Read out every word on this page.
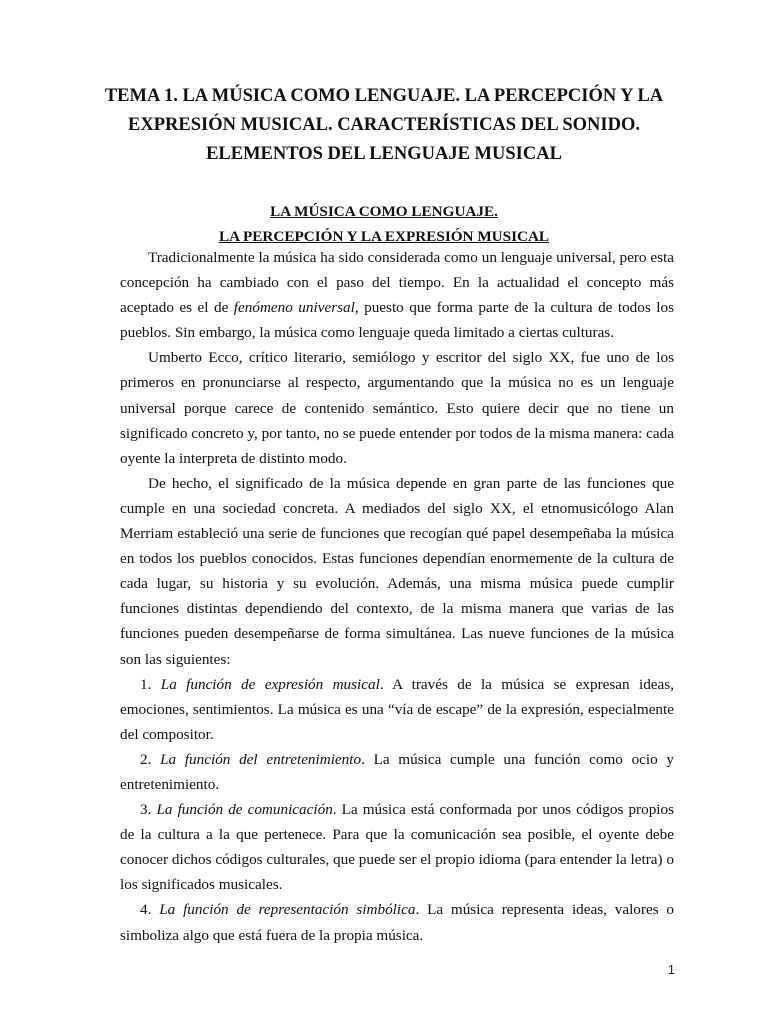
TEMA 1. LA MÚSICA COMO LENGUAJE. LA PERCEPCIÓN Y LA
EXPRESIÓN MUSICAL. CARACTERÍSTICAS DEL SONIDO.
ELEMENTOS DEL LENGUAJE MUSICAL
LA MÚSICA COMO LENGUAJE.
LA PERCEPCIÓN Y LA EXPRESIÓN MUSICAL

Tradicionalmente la música ha sido considerada como un lenguaje universal, pero esta concepción ha cambiado con el paso del tiempo. En la actualidad el concepto más aceptado es el de fenómeno universal, puesto que forma parte de la cultura de todos los pueblos. Sin embargo, la música como lenguaje queda limitado a ciertas culturas.

Umberto Ecco, crítico literario, semiólogo y escritor del siglo XX, fue uno de los primeros en pronunciarse al respecto, argumentando que la música no es un lenguaje universal porque carece de contenido semántico. Esto quiere decir que no tiene un significado concreto y, por tanto, no se puede entender por todos de la misma manera: cada oyente la interpreta de distinto modo.

De hecho, el significado de la música depende en gran parte de las funciones que cumple en una sociedad concreta. A mediados del siglo XX, el etnomusicólogo Alan Merriam estableció una serie de funciones que recogían qué papel desempeñaba la música en todos los pueblos conocidos. Estas funciones dependían enormemente de la cultura de cada lugar, su historia y su evolución. Además, una misma música puede cumplir funciones distintas dependiendo del contexto, de la misma manera que varias de las funciones pueden desempeñarse de forma simultánea. Las nueve funciones de la música son las siguientes:

1. La función de expresión musical. A través de la música se expresan ideas, emociones, sentimientos. La música es una “vía de escape” de la expresión, especialmente del compositor.

2. La función del entretenimiento. La música cumple una función como ocio y entretenimiento.

3. La función de comunicación. La música está conformada por unos códigos propios de la cultura a la que pertenece. Para que la comunicación sea posible, el oyente debe conocer dichos códigos culturales, que puede ser el propio idioma (para entender la letra) o los significados musicales.

4. La función de representación simbólica. La música representa ideas, valores o simboliza algo que está fuera de la propia música.

1
